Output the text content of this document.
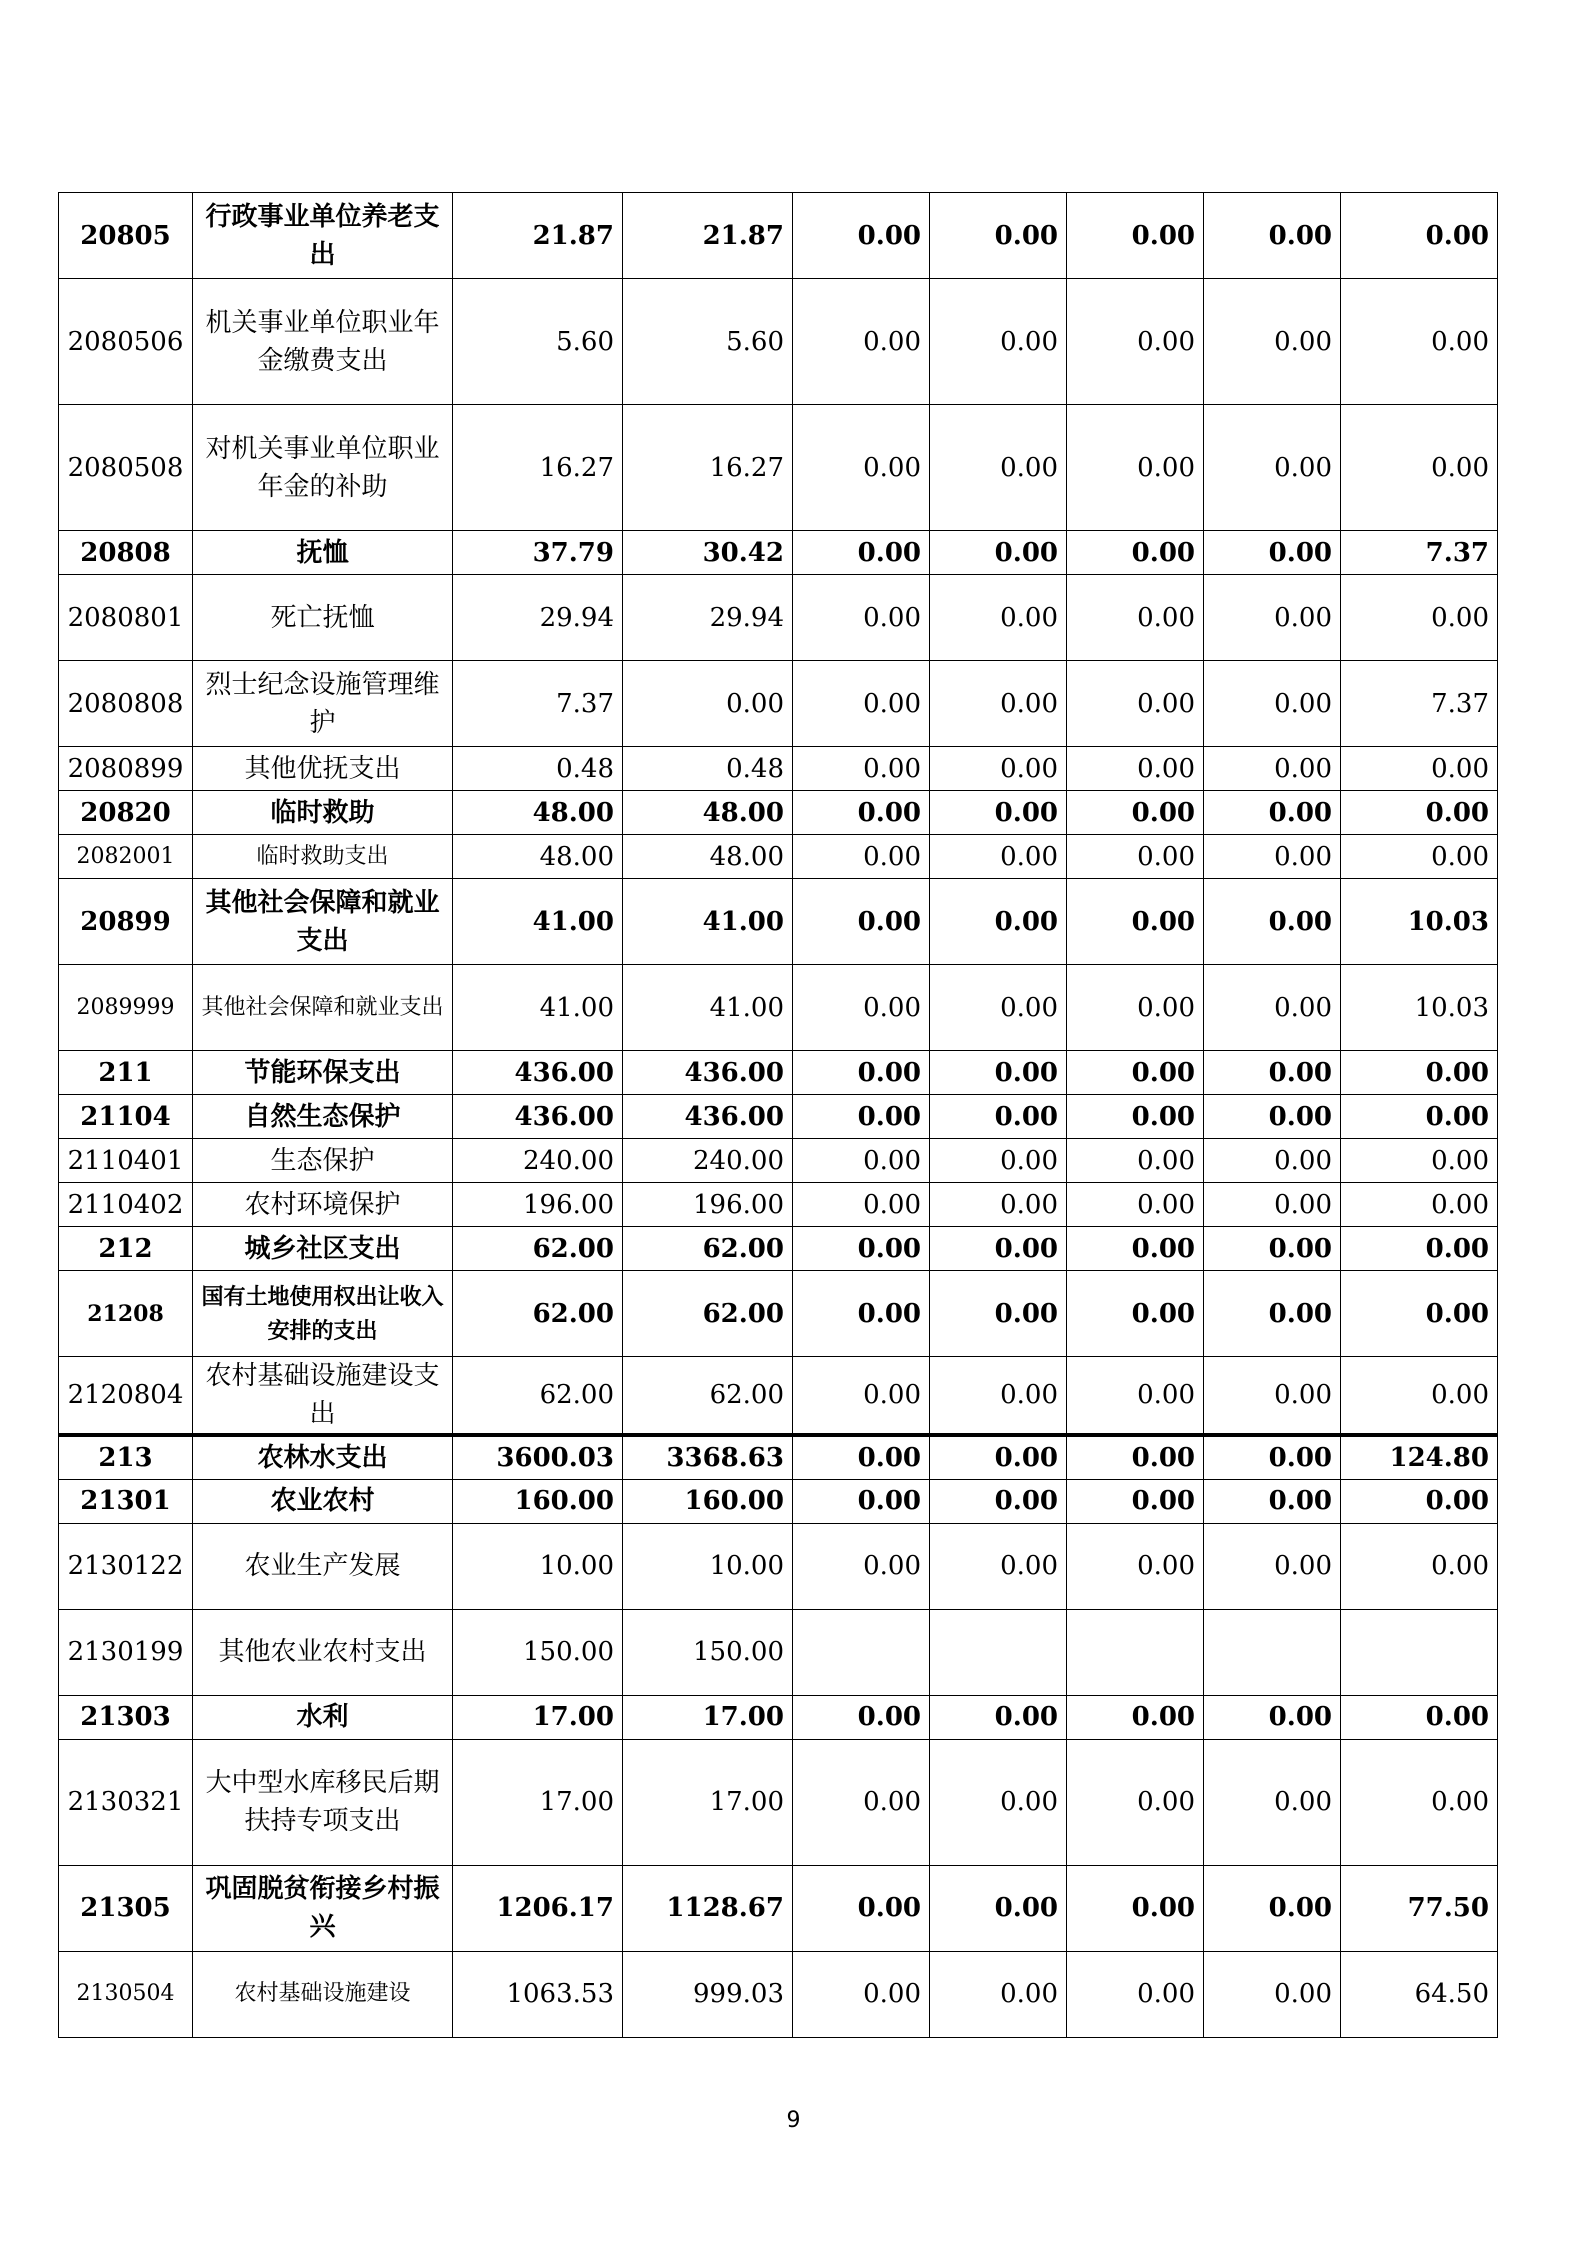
20805	行政事业单位养老支出	21.87	21.87	0.00	0.00	0.00	0.00	0.00
2080506	机关事业单位职业年金缴费支出	5.60	5.60	0.00	0.00	0.00	0.00	0.00
2080508	对机关事业单位职业年金的补助	16.27	16.27	0.00	0.00	0.00	0.00	0.00
20808	抚恤	37.79	30.42	0.00	0.00	0.00	0.00	7.37
2080801	死亡抚恤	29.94	29.94	0.00	0.00	0.00	0.00	0.00
2080808	烈士纪念设施管理维护	7.37	0.00	0.00	0.00	0.00	0.00	7.37
2080899	其他优抚支出	0.48	0.48	0.00	0.00	0.00	0.00	0.00
20820	临时救助	48.00	48.00	0.00	0.00	0.00	0.00	0.00
2082001	临时救助支出	48.00	48.00	0.00	0.00	0.00	0.00	0.00
20899	其他社会保障和就业支出	41.00	41.00	0.00	0.00	0.00	0.00	10.03
2089999	其他社会保障和就业支出	41.00	41.00	0.00	0.00	0.00	0.00	10.03
211	节能环保支出	436.00	436.00	0.00	0.00	0.00	0.00	0.00
21104	自然生态保护	436.00	436.00	0.00	0.00	0.00	0.00	0.00
2110401	生态保护	240.00	240.00	0.00	0.00	0.00	0.00	0.00
2110402	农村环境保护	196.00	196.00	0.00	0.00	0.00	0.00	0.00
212	城乡社区支出	62.00	62.00	0.00	0.00	0.00	0.00	0.00
21208	国有土地使用权出让收入安排的支出	62.00	62.00	0.00	0.00	0.00	0.00	0.00
2120804	农村基础设施建设支出	62.00	62.00	0.00	0.00	0.00	0.00	0.00
213	农林水支出	3600.03	3368.63	0.00	0.00	0.00	0.00	124.80
21301	农业农村	160.00	160.00	0.00	0.00	0.00	0.00	0.00
2130122	农业生产发展	10.00	10.00	0.00	0.00	0.00	0.00	0.00
2130199	其他农业农村支出	150.00	150.00					
21303	水利	17.00	17.00	0.00	0.00	0.00	0.00	0.00
2130321	大中型水库移民后期扶持专项支出	17.00	17.00	0.00	0.00	0.00	0.00	0.00
21305	巩固脱贫衔接乡村振兴	1206.17	1128.67	0.00	0.00	0.00	0.00	77.50
2130504	农村基础设施建设	1063.53	999.03	0.00	0.00	0.00	0.00	64.50
9
